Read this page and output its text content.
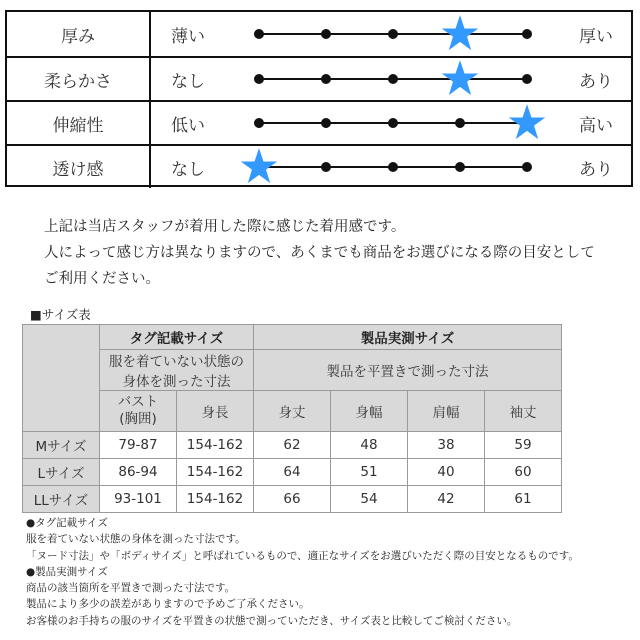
厚み	薄い	厚い
柔らかさ	なし	あり
伸縮性	低い	高い
透け感	なし	あり
上記は当店スタッフが着用した際に感じた着用感です。
人によって感じ方は異なりますので、あくまでも商品をお選びになる際の目安として
ご利用ください。
■サイズ表
	タグ記載サイズ		製品実測サイズ			

	服を着ていない状態の
身体を測った寸法		製品を平置きで測った寸法			

	バスト
(胸囲)	身長	身丈	身幅	肩幅	袖丈
Mサイズ	79-87	154-162	62	48	38	59
Lサイズ	86-94	154-162	64	51	40	60
LLサイズ	93-101	154-162	66	54	42	61
●タグ記載サイズ
服を着ていない状態の身体を測った寸法です。
「ヌード寸法」や「ボディサイズ」と呼ばれているもので、適正なサイズをお選びいただく際の目安となるものです。
●製品実測サイズ
商品の該当箇所を平置きで測った寸法です。
製品により多少の誤差がありますので予めご了承ください。
お客様のお手持ちの服のサイズを平置きの状態で測っていただき、サイズ表と比較してご検討ください。
